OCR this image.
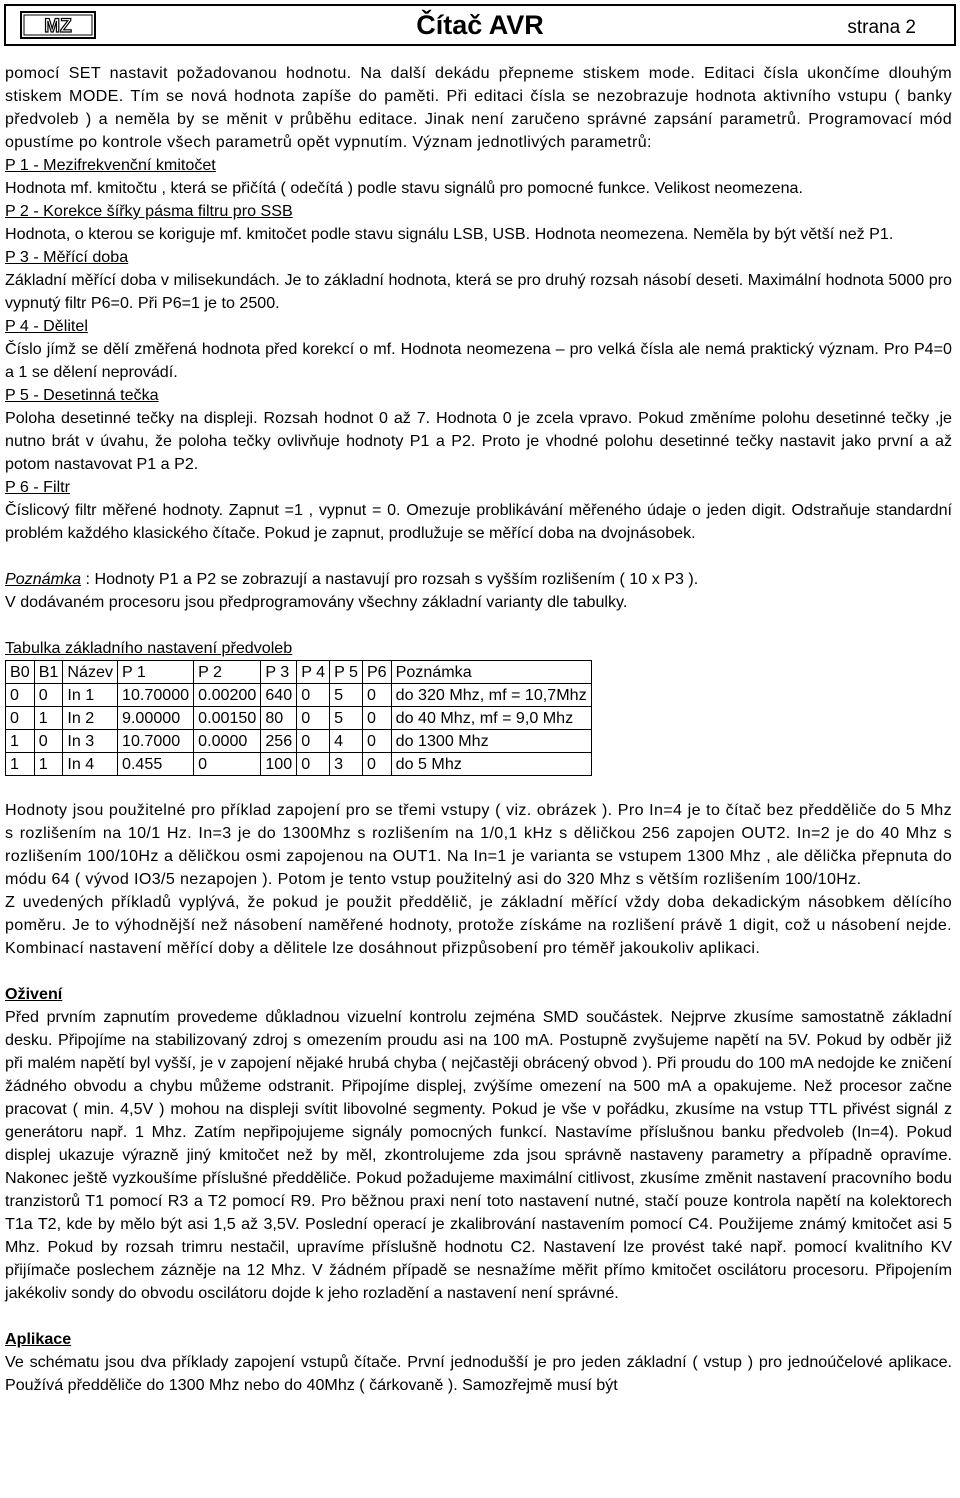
MZ	Čítač AVR	strana 2

pomocí SET nastavit požadovanou hodnotu. Na další dekádu přepneme stiskem mode. Editaci čísla ukončíme dlouhým stiskem MODE. Tím se nová hodnota zapíše do paměti. Při editaci čísla se nezobrazuje hodnota aktivního vstupu ( banky předvoleb ) a neměla by se měnit v průběhu editace. Jinak není zaručeno správné zapsání parametrů. Programovací mód opustíme po kontrole všech parametrů opět vypnutím. Význam jednotlivých parametrů:

P 1 - Mezifrekvenční kmitočet

Hodnota mf. kmitočtu , která se přičítá ( odečítá ) podle stavu signálů pro pomocné funkce. Velikost neomezena.

P 2 - Korekce šířky pásma filtru pro SSB

Hodnota, o kterou se koriguje mf. kmitočet podle stavu signálu LSB, USB. Hodnota neomezena. Neměla by být větší než P1.

P 3 - Měřící doba

Základní měřící doba v milisekundách. Je to základní hodnota, která se pro druhý rozsah násobí deseti. Maximální hodnota 5000 pro vypnutý filtr P6=0. Při P6=1 je to 2500.

P 4 - Dělitel

Číslo jímž se dělí změřená hodnota před korekcí o mf. Hodnota neomezena – pro velká čísla ale nemá praktický význam. Pro P4=0 a 1 se dělení neprovádí.

P 5 - Desetinná tečka

Poloha desetinné tečky na displeji. Rozsah hodnot 0 až 7. Hodnota 0 je zcela vpravo. Pokud změníme polohu desetinné tečky ,je nutno brát v úvahu, že poloha tečky ovlivňuje hodnoty P1 a P2. Proto je vhodné polohu desetinné tečky nastavit jako první a až potom nastavovat P1 a P2.

P 6 - Filtr

Číslicový filtr měřené hodnoty. Zapnut =1 , vypnut = 0. Omezuje problikávání měřeného údaje o jeden digit. Odstraňuje standardní problém každého klasického čítače. Pokud je zapnut, prodlužuje se měřící doba na dvojnásobek.

Poznámka : Hodnoty P1 a P2 se zobrazují a nastavují pro rozsah s vyšším rozlišením ( 10 x P3 ).

V dodávaném procesoru jsou předprogramovány všechny základní varianty dle tabulky.

Tabulka základního nastavení předvoleb

B0	B1	Název	P 1	P 2	P 3	P 4	P 5	P6	Poznámka
0	0	In 1	10.70000	0.00200	640	0	5	0	do 320 Mhz, mf = 10,7Mhz
0	1	In 2	9.00000	0.00150	80	0	5	0	do 40 Mhz, mf = 9,0 Mhz
1	0	In 3	10.7000	0.0000	256	0	4	0	do 1300 Mhz
1	1	In 4	0.455	0	100	0	3	0	do 5 Mhz

Hodnoty jsou použitelné pro příklad zapojení pro se třemi vstupy ( viz. obrázek ). Pro In=4 je to čítač bez předděliče do 5 Mhz s rozlišením na 10/1 Hz. In=3 je do 1300Mhz s rozlišením na 1/0,1 kHz s děličkou 256 zapojen OUT2. In=2 je do 40 Mhz s rozlišením 100/10Hz a děličkou osmi zapojenou na OUT1. Na In=1 je varianta se vstupem 1300 Mhz , ale dělička přepnuta do módu 64 ( vývod IO3/5 nezapojen ). Potom je tento vstup použitelný asi do 320 Mhz s větším rozlišením 100/10Hz.

Z uvedených příkladů vyplývá, že pokud je použit předdělič, je základní měřící vždy doba dekadickým násobkem dělícího poměru. Je to výhodnější než násobení naměřené hodnoty, protože získáme na rozlišení právě 1 digit, což u násobení nejde. Kombinací nastavení měřící doby a dělitele lze dosáhnout přizpůsobení pro téměř jakoukoliv aplikaci.

Oživení

Před prvním zapnutím provedeme důkladnou vizuelní kontrolu zejména SMD součástek. Nejprve zkusíme samostatně základní desku. Připojíme na stabilizovaný zdroj s omezením proudu asi na 100 mA. Postupně zvyšujeme napětí na 5V. Pokud by odběr již při malém napětí byl vyšší, je v zapojení nějaké hrubá chyba ( nejčastěji obrácený obvod ). Při proudu do 100 mA nedojde ke zničení žádného obvodu a chybu můžeme odstranit. Připojíme displej, zvýšíme omezení na 500 mA a opakujeme. Než procesor začne pracovat ( min. 4,5V ) mohou na displeji svítit libovolné segmenty. Pokud je vše v pořádku, zkusíme na vstup TTL přivést signál z generátoru např. 1 Mhz. Zatím nepřipojujeme signály pomocných funkcí. Nastavíme příslušnou banku předvoleb (In=4). Pokud displej ukazuje výrazně jiný kmitočet než by měl, zkontrolujeme zda jsou správně nastaveny parametry a případně opravíme. Nakonec ještě vyzkoušíme příslušné předděliče. Pokud požadujeme maximální citlivost, zkusíme změnit nastavení pracovního bodu tranzistorů T1 pomocí R3 a T2 pomocí R9. Pro běžnou praxi není toto nastavení nutné, stačí pouze kontrola napětí na kolektorech T1a T2, kde by mělo být asi 1,5 až 3,5V. Poslední operací je zkalibrování nastavením pomocí C4. Použijeme známý kmitočet asi 5 Mhz. Pokud by rozsah trimru nestačil, upravíme příslušně hodnotu C2. Nastavení lze provést také např. pomocí kvalitního KV přijímače poslechem zázněje na 12 Mhz. V žádném případě se nesnažíme měřit přímo kmitočet oscilátoru procesoru. Připojením jakékoliv sondy do obvodu oscilátoru dojde k jeho rozladění a nastavení není správné.

Aplikace

Ve schématu jsou dva příklady zapojení vstupů čítače. První jednodušší je pro jeden základní ( vstup ) pro jednoúčelové aplikace. Používá předděliče do 1300 Mhz nebo do 40Mhz ( čárkovaně ). Samozřejmě musí být
